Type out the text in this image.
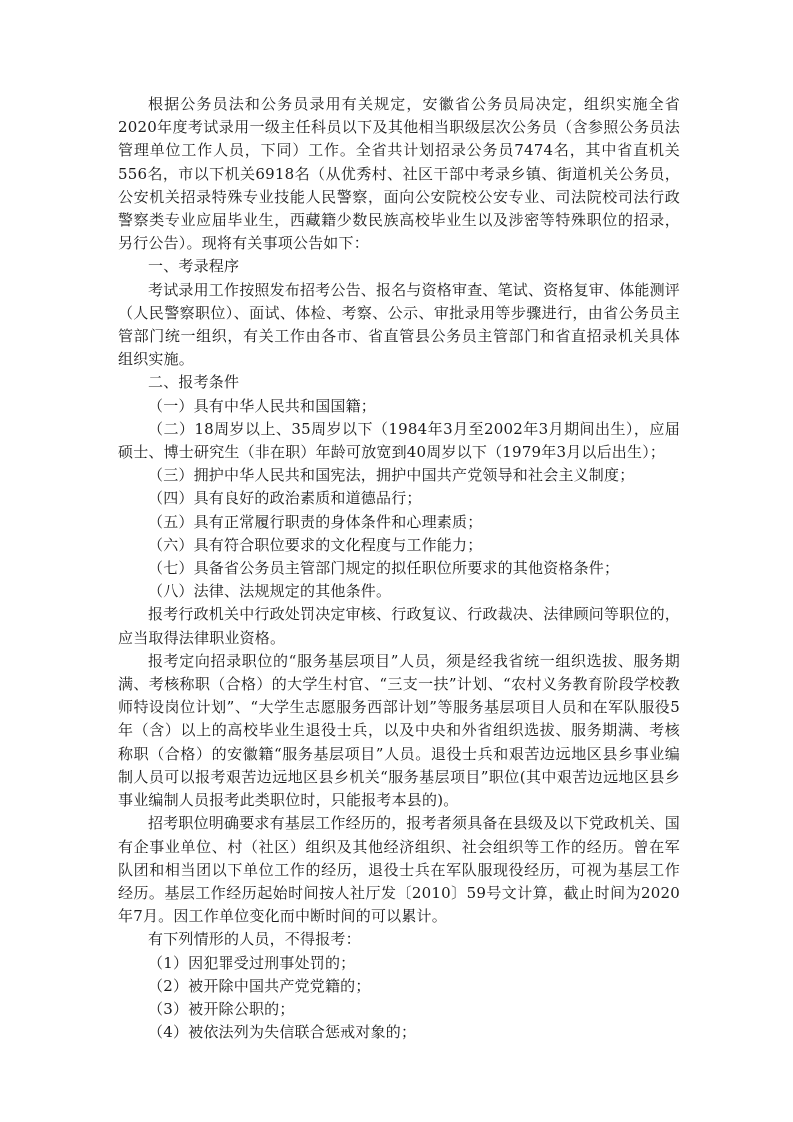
根据公务员法和公务员录用有关规定，安徽省公务员局决定，组织实施全省2020年度考试录用一级主任科员以下及其他相当职级层次公务员（含参照公务员法管理单位工作人员，下同）工作。全省共计划招录公务员7474名，其中省直机关556名，市以下机关6918名（从优秀村、社区干部中考录乡镇、街道机关公务员，公安机关招录特殊专业技能人民警察，面向公安院校公安专业、司法院校司法行政警察类专业应届毕业生，西藏籍少数民族高校毕业生以及涉密等特殊职位的招录，另行公告）。现将有关事项公告如下：

一、考录程序

考试录用工作按照发布招考公告、报名与资格审查、笔试、资格复审、体能测评（人民警察职位）、面试、体检、考察、公示、审批录用等步骤进行，由省公务员主管部门统一组织，有关工作由各市、省直管县公务员主管部门和省直招录机关具体组织实施。

二、报考条件

（一）具有中华人民共和国国籍；

（二）18周岁以上、35周岁以下（1984年3月至2002年3月期间出生），应届硕士、博士研究生（非在职）年龄可放宽到40周岁以下（1979年3月以后出生）；

（三）拥护中华人民共和国宪法，拥护中国共产党领导和社会主义制度；

（四）具有良好的政治素质和道德品行；

（五）具有正常履行职责的身体条件和心理素质；

（六）具有符合职位要求的文化程度与工作能力；

（七）具备省公务员主管部门规定的拟任职位所要求的其他资格条件；

（八）法律、法规规定的其他条件。

报考行政机关中行政处罚决定审核、行政复议、行政裁决、法律顾问等职位的，应当取得法律职业资格。

报考定向招录职位的“服务基层项目”人员，须是经我省统一组织选拔、服务期满、考核称职（合格）的大学生村官、“三支一扶”计划、“农村义务教育阶段学校教师特设岗位计划”、“大学生志愿服务西部计划”等服务基层项目人员和在军队服役5年（含）以上的高校毕业生退役士兵，以及中央和外省组织选拔、服务期满、考核称职（合格）的安徽籍“服务基层项目”人员。退役士兵和艰苦边远地区县乡事业编制人员可以报考艰苦边远地区县乡机关“服务基层项目”职位(其中艰苦边远地区县乡事业编制人员报考此类职位时，只能报考本县的)。

招考职位明确要求有基层工作经历的，报考者须具备在县级及以下党政机关、国有企事业单位、村（社区）组织及其他经济组织、社会组织等工作的经历。曾在军队团和相当团以下单位工作的经历，退役士兵在军队服现役经历，可视为基层工作经历。基层工作经历起始时间按人社厅发〔2010〕59号文计算，截止时间为2020年7月。因工作单位变化而中断时间的可以累计。

有下列情形的人员，不得报考：

（1）因犯罪受过刑事处罚的；

（2）被开除中国共产党党籍的；

（3）被开除公职的；

（4）被依法列为失信联合惩戒对象的；
